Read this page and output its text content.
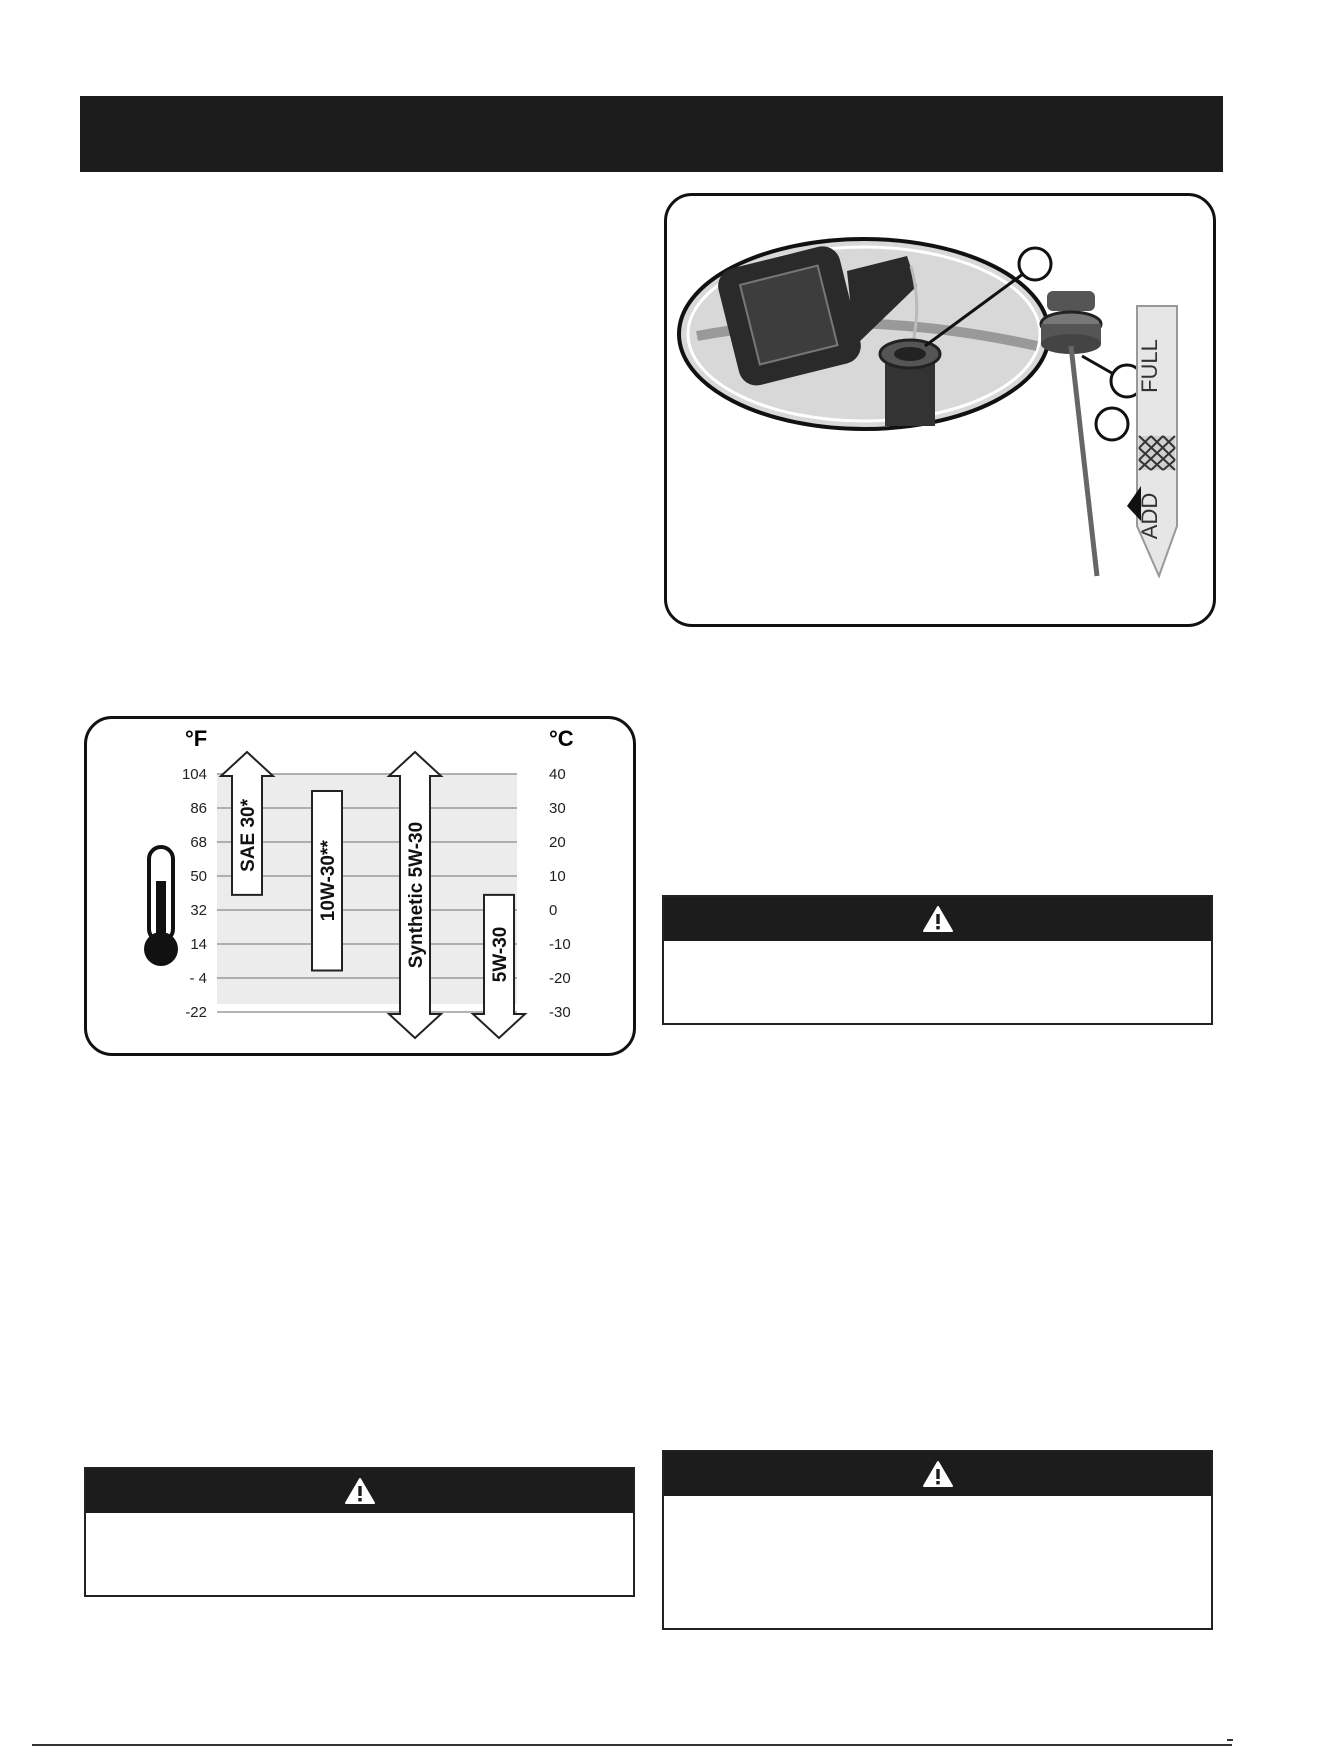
FULL
ADD
104
86
68
50
32
14
- 4
-22
40
30
20
10
0
-10
-20
-30
°F	°C
SAE 30*
10W-30**	Synthetic 5W-30	5W-30
